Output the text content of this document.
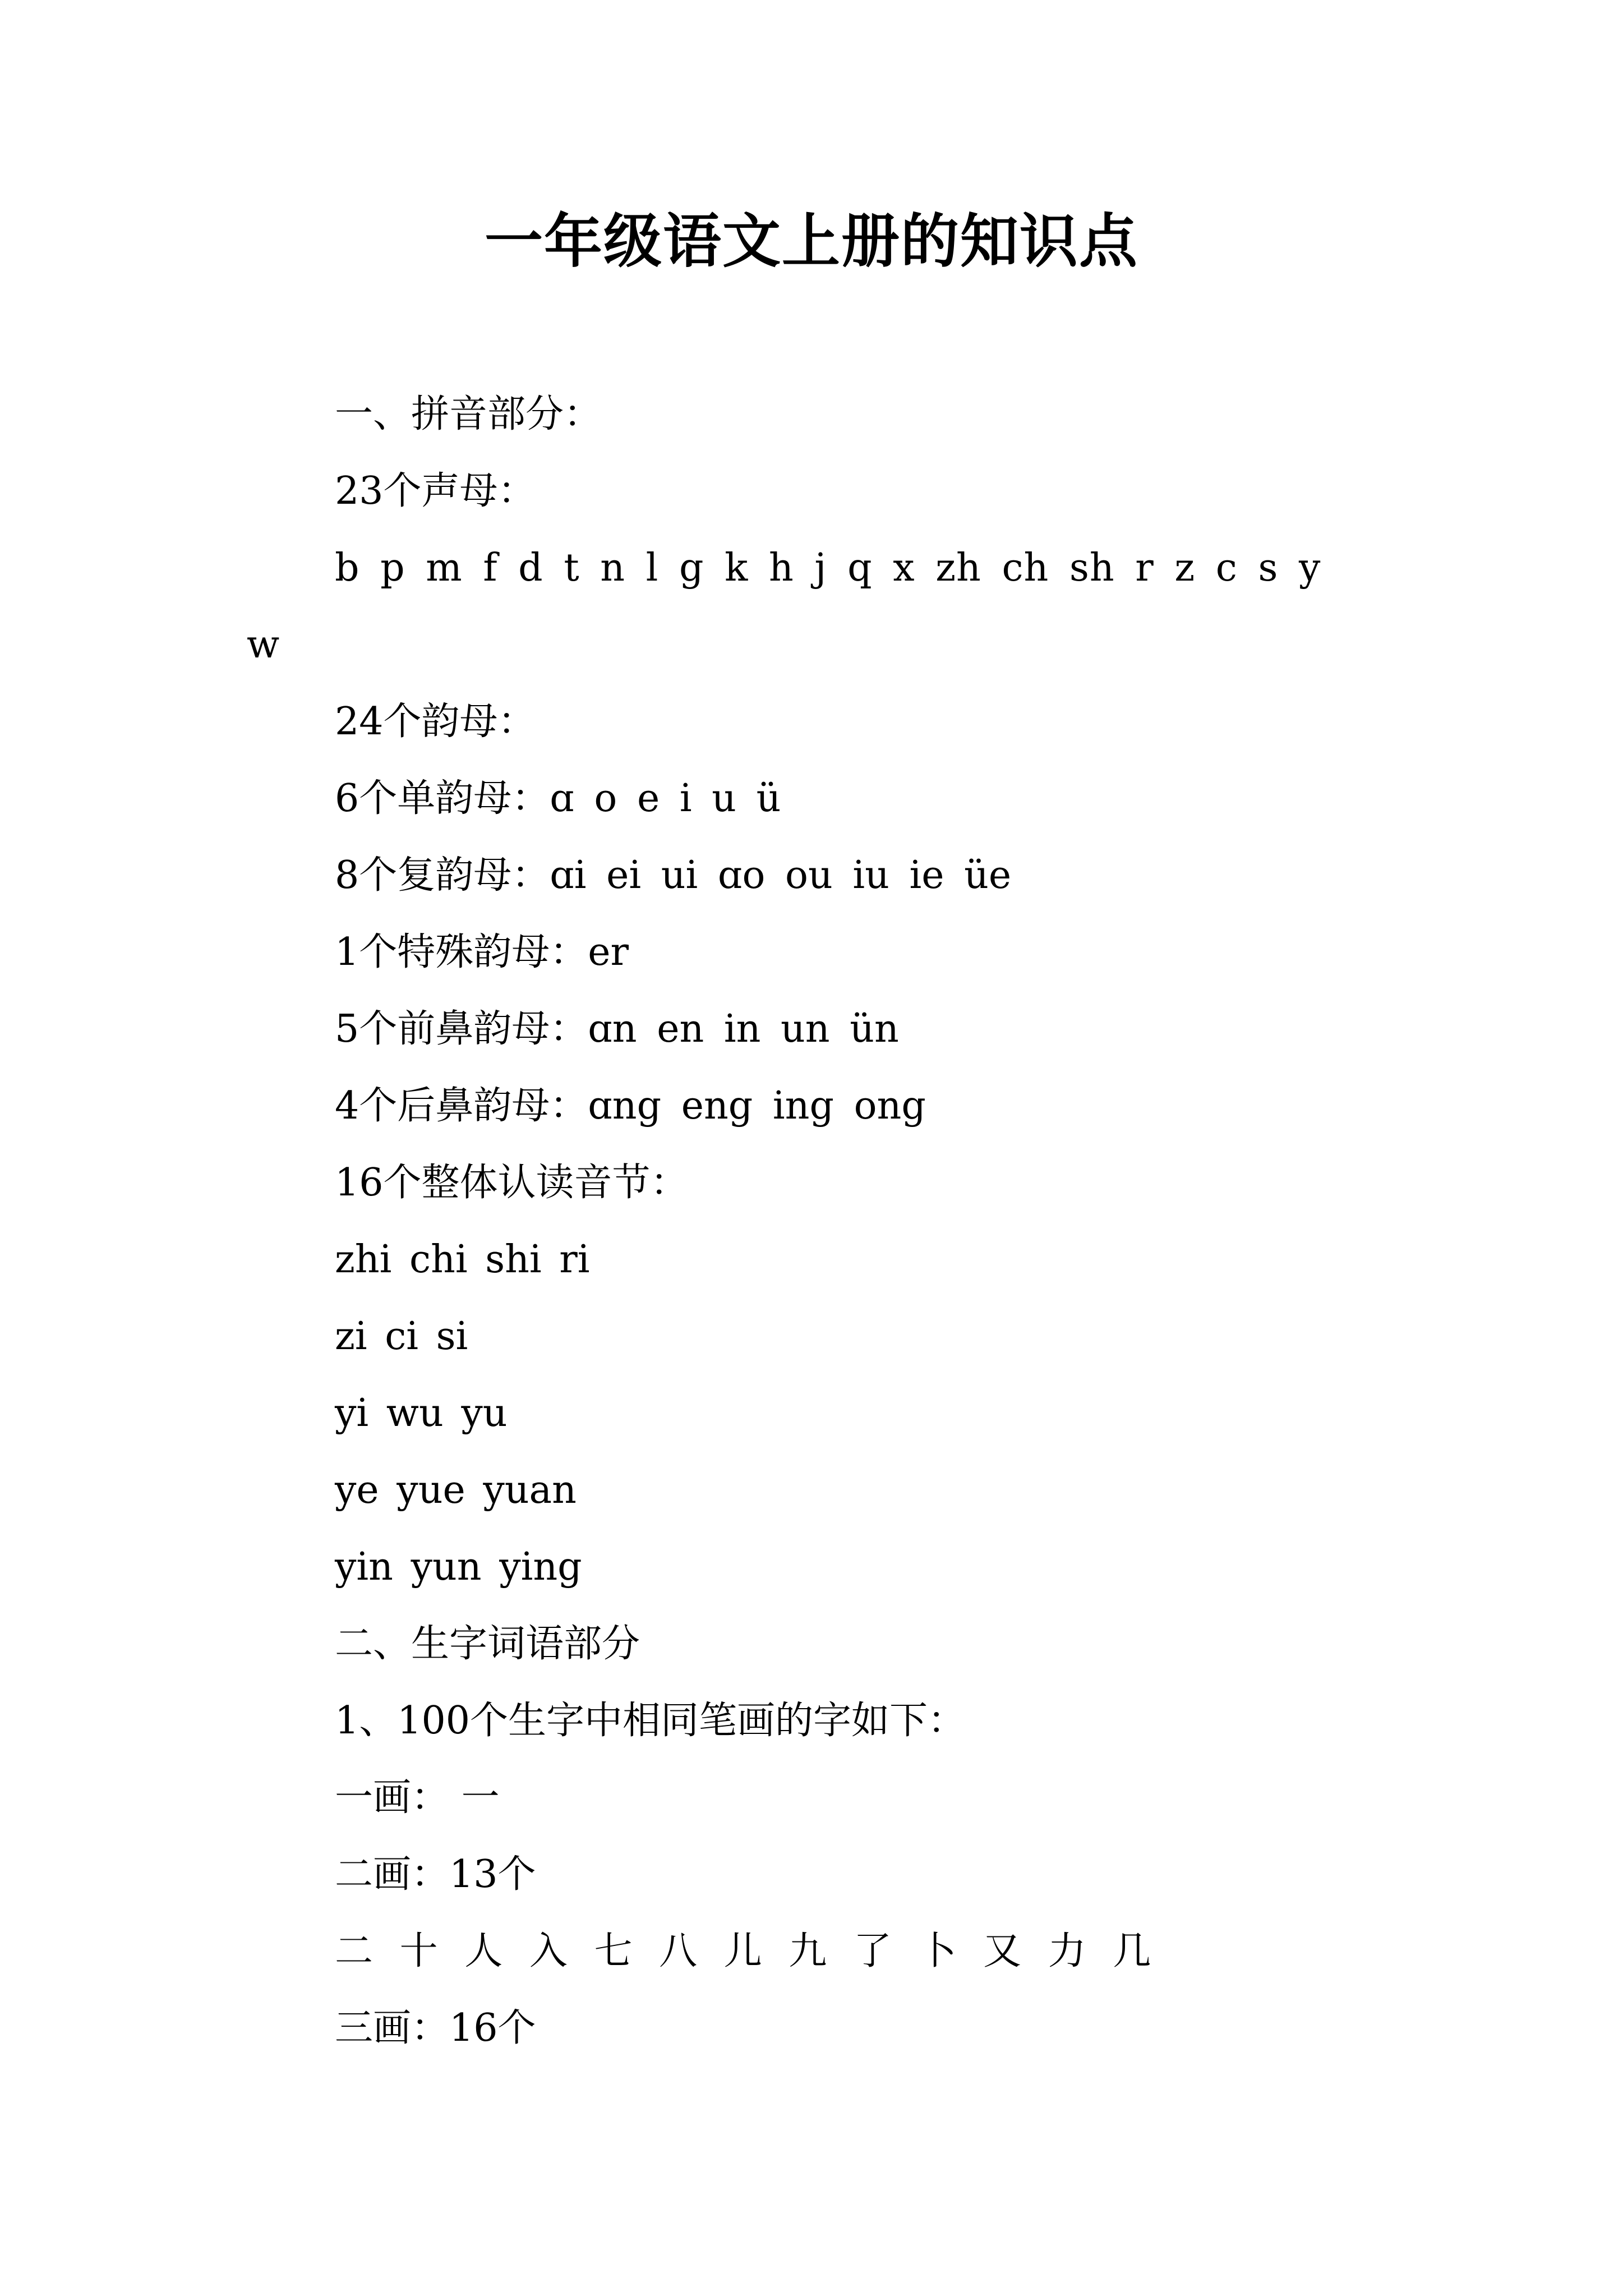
一年级语文上册的知识点
一、拼音部分：
23个声母：
b p m f d t n l g k h j q x zh ch sh r z c s y
w
24个韵母：
6个单韵母：ɑ o e i u ü
8个复韵母：ɑi ei ui ɑo ou iu ie üe
1个特殊韵母：er
5个前鼻韵母：ɑn en in un ün
4个后鼻韵母：ɑng eng ing ong
16个整体认读音节：
zhi chi shi ri
zi ci si
yi wu yu
ye yue yuan
yin yun ying
二、生字词语部分
1、100个生字中相同笔画的字如下：
一画： 一
二画：13个
二 十 人 入 七 八 儿 九 了 卜 又 力 几
三画：16个
